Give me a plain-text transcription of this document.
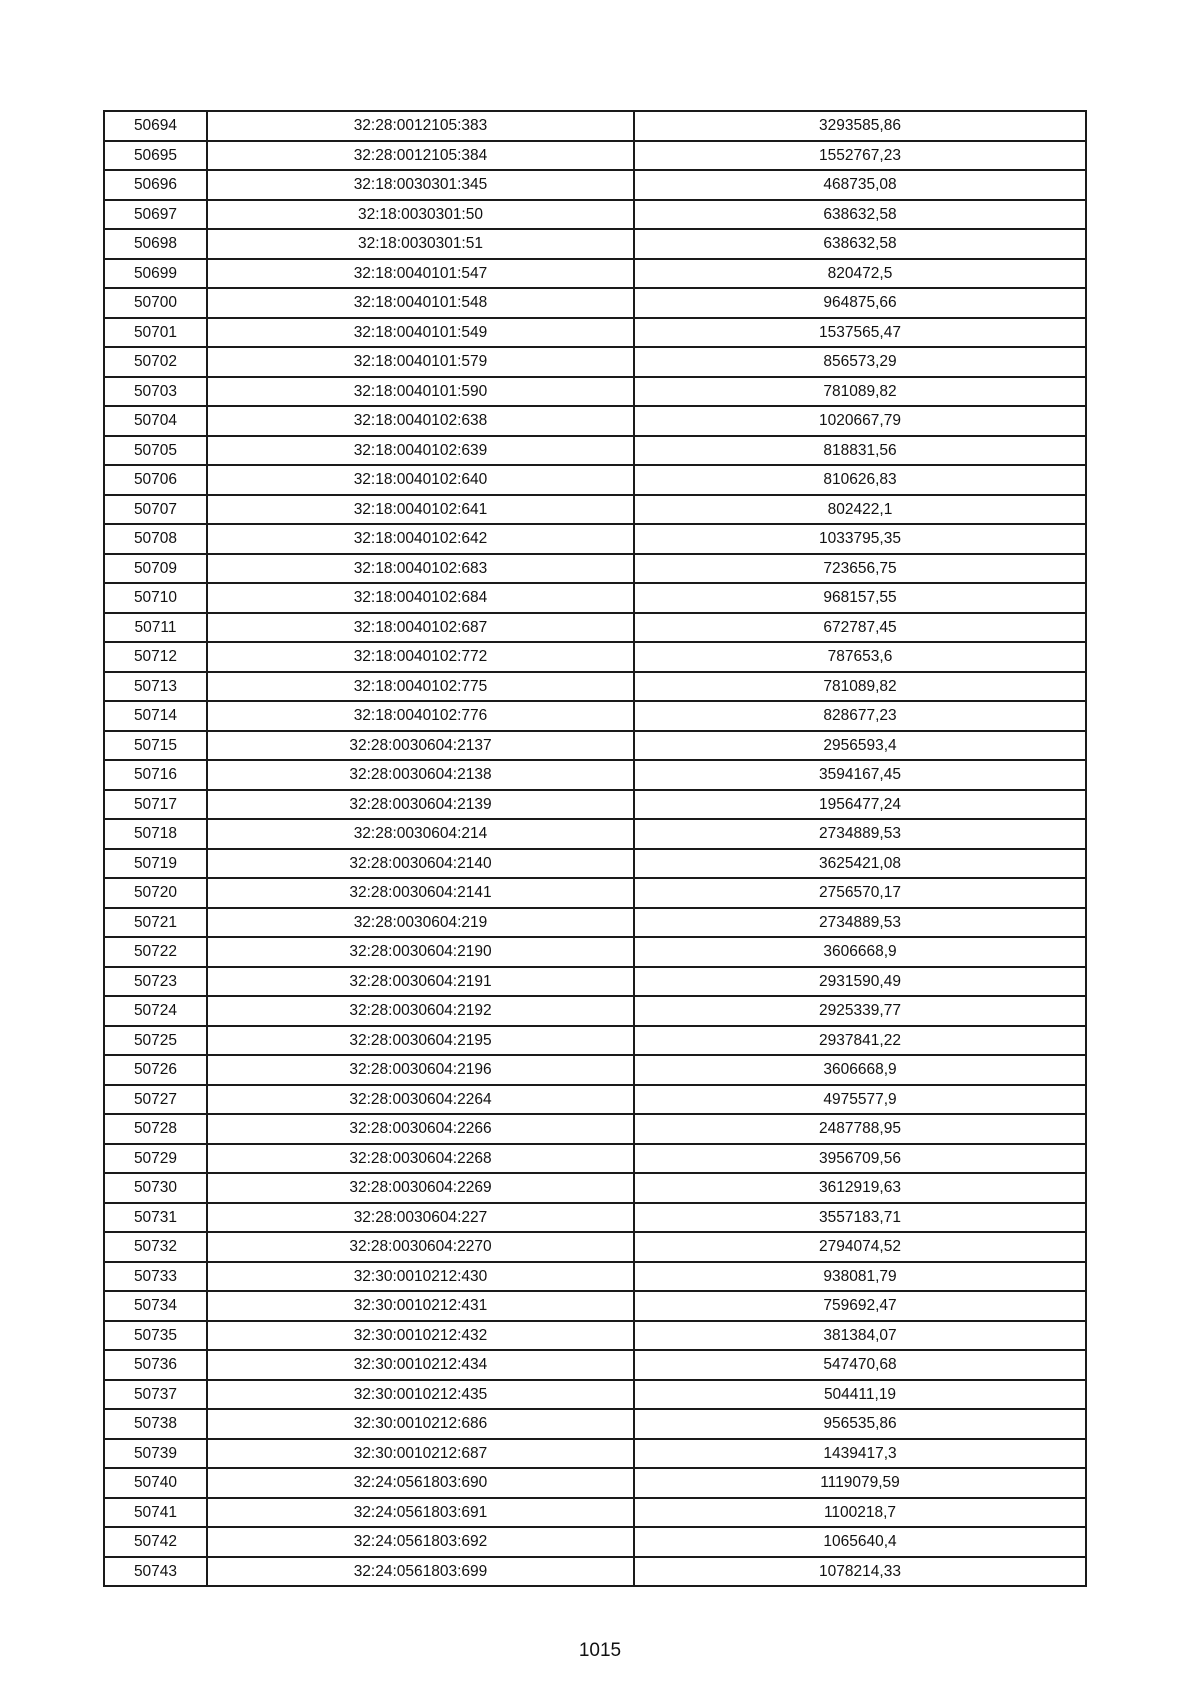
50694	32:28:0012105:383	3293585,86
50695	32:28:0012105:384	1552767,23
50696	32:18:0030301:345	468735,08
50697	32:18:0030301:50	638632,58
50698	32:18:0030301:51	638632,58
50699	32:18:0040101:547	820472,5
50700	32:18:0040101:548	964875,66
50701	32:18:0040101:549	1537565,47
50702	32:18:0040101:579	856573,29
50703	32:18:0040101:590	781089,82
50704	32:18:0040102:638	1020667,79
50705	32:18:0040102:639	818831,56
50706	32:18:0040102:640	810626,83
50707	32:18:0040102:641	802422,1
50708	32:18:0040102:642	1033795,35
50709	32:18:0040102:683	723656,75
50710	32:18:0040102:684	968157,55
50711	32:18:0040102:687	672787,45
50712	32:18:0040102:772	787653,6
50713	32:18:0040102:775	781089,82
50714	32:18:0040102:776	828677,23
50715	32:28:0030604:2137	2956593,4
50716	32:28:0030604:2138	3594167,45
50717	32:28:0030604:2139	1956477,24
50718	32:28:0030604:214	2734889,53
50719	32:28:0030604:2140	3625421,08
50720	32:28:0030604:2141	2756570,17
50721	32:28:0030604:219	2734889,53
50722	32:28:0030604:2190	3606668,9
50723	32:28:0030604:2191	2931590,49
50724	32:28:0030604:2192	2925339,77
50725	32:28:0030604:2195	2937841,22
50726	32:28:0030604:2196	3606668,9
50727	32:28:0030604:2264	4975577,9
50728	32:28:0030604:2266	2487788,95
50729	32:28:0030604:2268	3956709,56
50730	32:28:0030604:2269	3612919,63
50731	32:28:0030604:227	3557183,71
50732	32:28:0030604:2270	2794074,52
50733	32:30:0010212:430	938081,79
50734	32:30:0010212:431	759692,47
50735	32:30:0010212:432	381384,07
50736	32:30:0010212:434	547470,68
50737	32:30:0010212:435	504411,19
50738	32:30:0010212:686	956535,86
50739	32:30:0010212:687	1439417,3
50740	32:24:0561803:690	1119079,59
50741	32:24:0561803:691	1100218,7
50742	32:24:0561803:692	1065640,4
50743	32:24:0561803:699	1078214,33
1015
